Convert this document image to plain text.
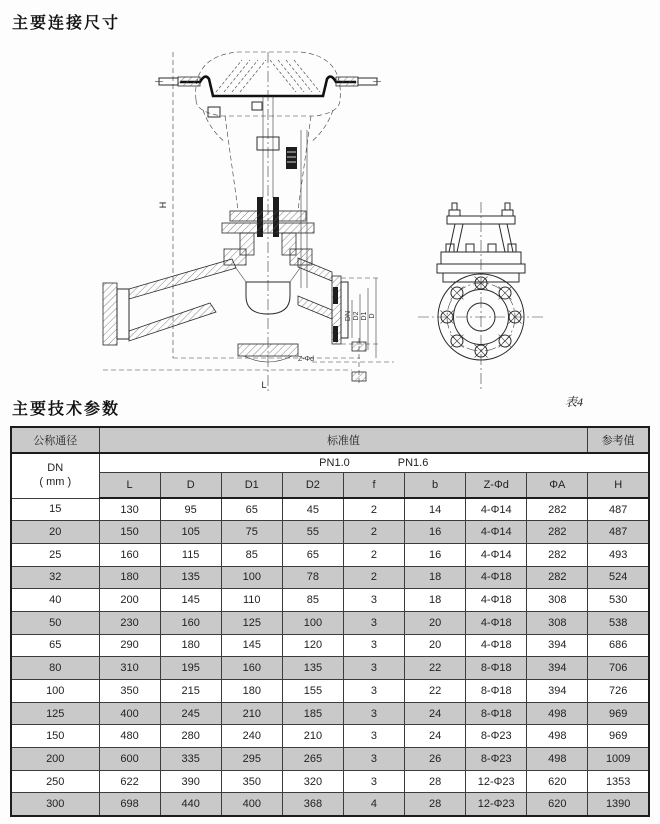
主要连接尺寸
H
DN D2 D1 D
Z-Φd
L
主要技术参数	表4
公称通径	标准值								参考值

DN
( mm )

PN1.0	PN1.6

	L	D	D1	D2	f	b	Z-Φd	ΦA	H
15	130	95	65	45	2	14	4-Φ14	282	487
20	150	105	75	55	2	16	4-Φ14	282	487
25	160	115	85	65	2	16	4-Φ14	282	493
32	180	135	100	78	2	18	4-Φ18	282	524
40	200	145	110	85	3	18	4-Φ18	308	530
50	230	160	125	100	3	20	4-Φ18	308	538
65	290	180	145	120	3	20	4-Φ18	394	686
80	310	195	160	135	3	22	8-Φ18	394	706
100	350	215	180	155	3	22	8-Φ18	394	726
125	400	245	210	185	3	24	8-Φ18	498	969
150	480	280	240	210	3	24	8-Φ23	498	969
200	600	335	295	265	3	26	8-Φ23	498	1009
250	622	390	350	320	3	28	12-Φ23	620	1353
300	698	440	400	368	4	28	12-Φ23	620	1390
